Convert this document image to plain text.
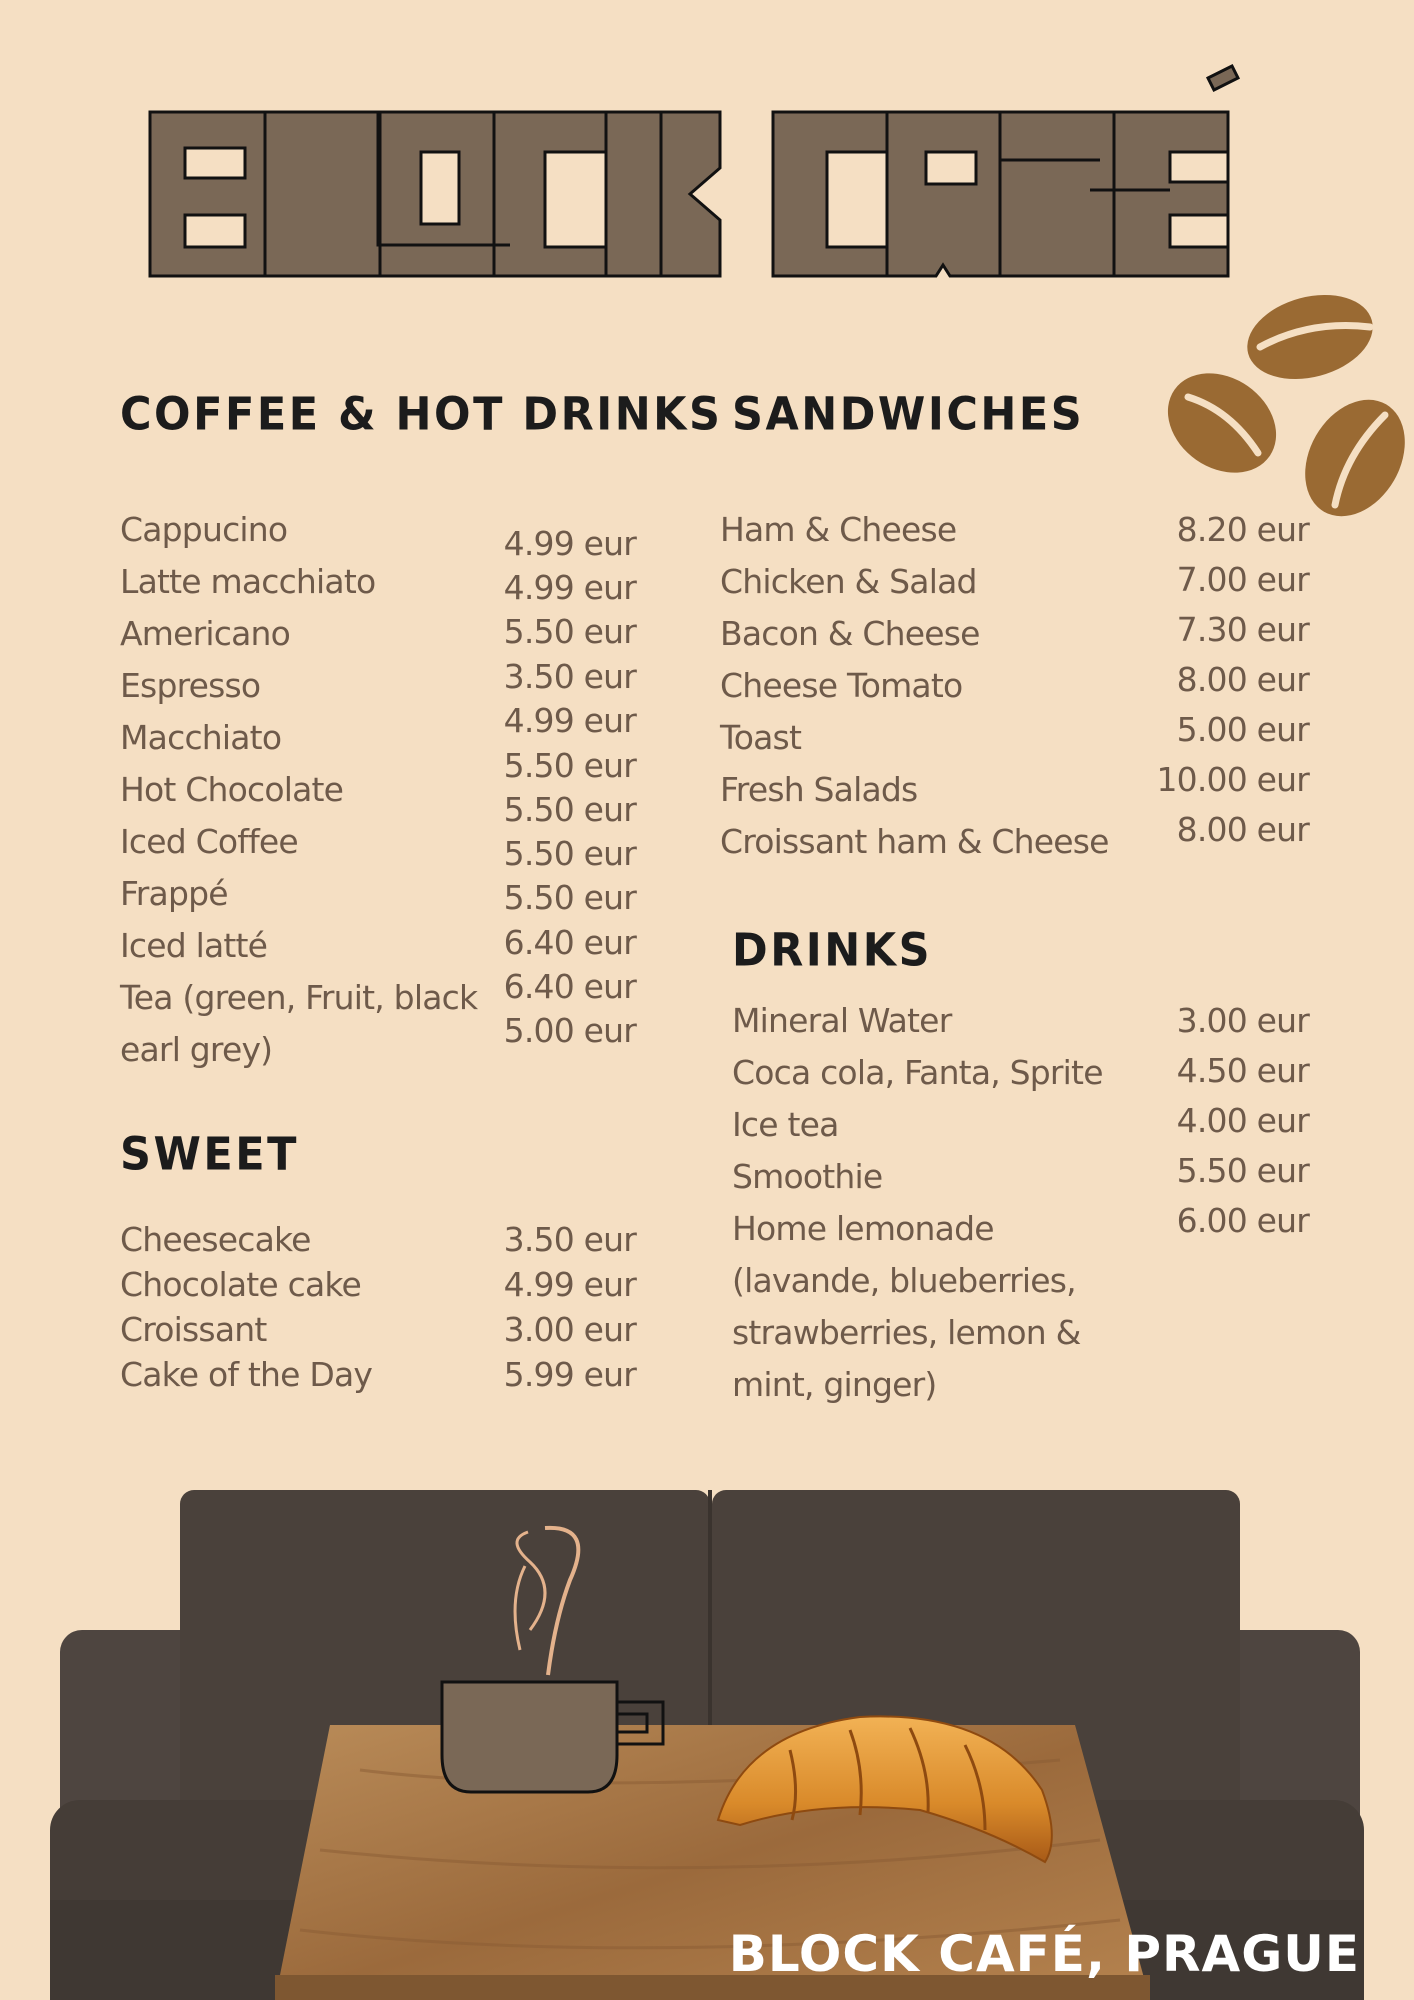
COFFEE & HOT DRINKS SANDWICHES
SWEET
DRINKS
Cappucino
Latte macchiato
Americano
Espresso
Macchiato
Hot Chocolate
Iced Coffee
Frappé
Iced latté
Tea (green, Fruit, black
earl grey)
4.99 eur
4.99 eur
5.50 eur
3.50 eur
4.99 eur
5.50 eur
5.50 eur
5.50 eur
5.50 eur
6.40 eur
6.40 eur
5.00 eur
Cheesecake
Chocolate cake
Croissant
Cake of the Day
3.50 eur
4.99 eur
3.00 eur
5.99 eur
Ham & Cheese
Chicken & Salad
Bacon & Cheese
Cheese Tomato
Toast
Fresh Salads
Croissant ham & Cheese
8.20 eur
7.00 eur
7.30 eur
8.00 eur
5.00 eur
10.00 eur
8.00 eur
Mineral Water
Coca cola, Fanta, Sprite
Ice tea
Smoothie
Home lemonade
(lavande, blueberries,
strawberries, lemon &
mint, ginger)
3.00 eur
4.50 eur
4.00 eur
5.50 eur
6.00 eur
BLOCK CAFÉ, PRAGUE
